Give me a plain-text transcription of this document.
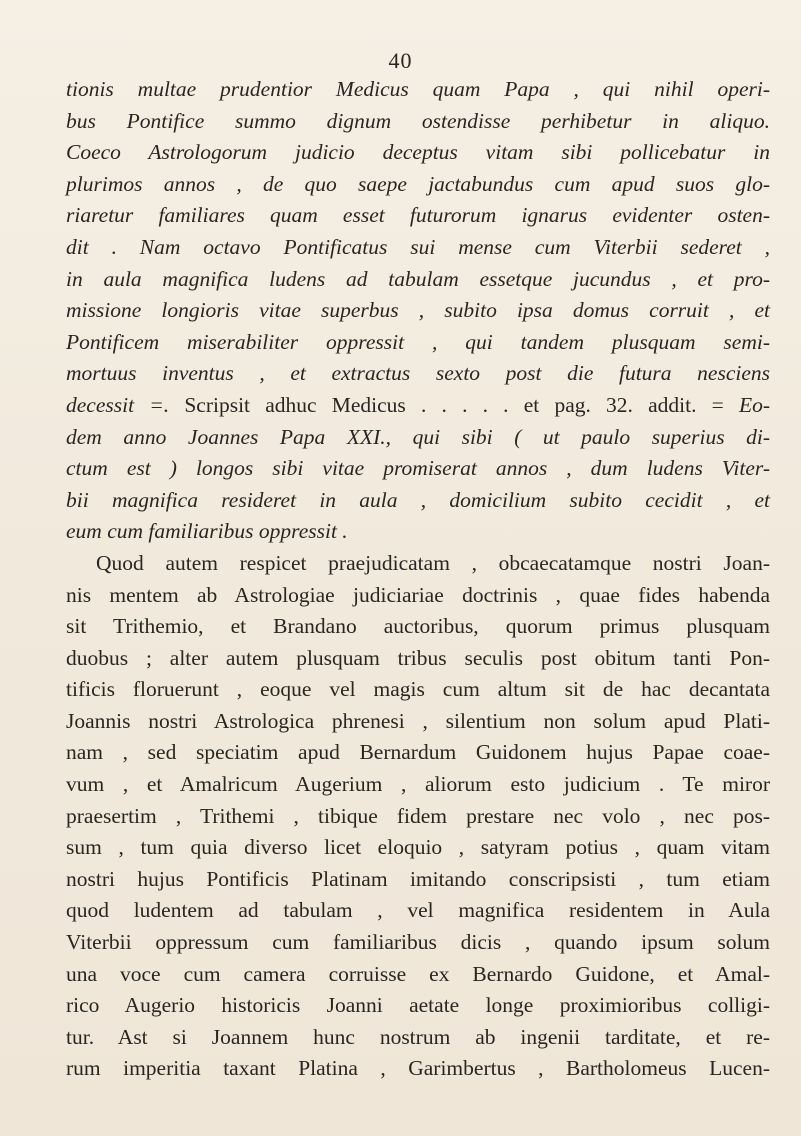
40
tionis multae prudentior Medicus quam Papa , qui nihil operi-
bus Pontifice summo dignum ostendisse perhibetur in aliquo.
Coeco Astrologorum judicio deceptus vitam sibi pollicebatur in
plurimos annos , de quo saepe jactabundus cum apud suos glo-
riaretur familiares quam esset futurorum ignarus evidenter osten-
dit . Nam octavo Pontificatus sui mense cum Viterbii sederet ,
in aula magnifica ludens ad tabulam essetque jucundus , et pro-
missione longioris vitae superbus , subito ipsa domus corruit , et
Pontificem miserabiliter oppressit , qui tandem plusquam semi-
mortuus inventus , et extractus sexto post die futura nesciens
decessit =. Scripsit adhuc Medicus . . . . . et pag. 32. addit. = Eo-
dem anno Joannes Papa XXI., qui sibi ( ut paulo superius di-
ctum est ) longos sibi vitae promiserat annos , dum ludens Viter-
bii magnifica resideret in aula , domicilium subito cecidit , et
eum cum familiaribus oppressit .
Quod autem respicet praejudicatam , obcaecatamque nostri Joan-
nis mentem ab Astrologiae judiciariae doctrinis , quae fides habenda
sit Trithemio, et Brandano auctoribus, quorum primus plusquam
duobus ; alter autem plusquam tribus seculis post obitum tanti Pon-
tificis floruerunt , eoque vel magis cum altum sit de hac decantata
Joannis nostri Astrologica phrenesi , silentium non solum apud Plati-
nam , sed speciatim apud Bernardum Guidonem hujus Papae coae-
vum , et Amalricum Augerium , aliorum esto judicium . Te miror
praesertim , Trithemi , tibique fidem prestare nec volo , nec pos-
sum , tum quia diverso licet eloquio , satyram potius , quam vitam
nostri hujus Pontificis Platinam imitando conscripsisti , tum etiam
quod ludentem ad tabulam , vel magnifica residentem in Aula
Viterbii oppressum cum familiaribus dicis , quando ipsum solum
una voce cum camera corruisse ex Bernardo Guidone, et Amal-
rico Augerio historicis Joanni aetate longe proximioribus colligi-
tur. Ast si Joannem hunc nostrum ab ingenii tarditate, et re-
rum imperitia taxant Platina , Garimbertus , Bartholomeus Lucen-
